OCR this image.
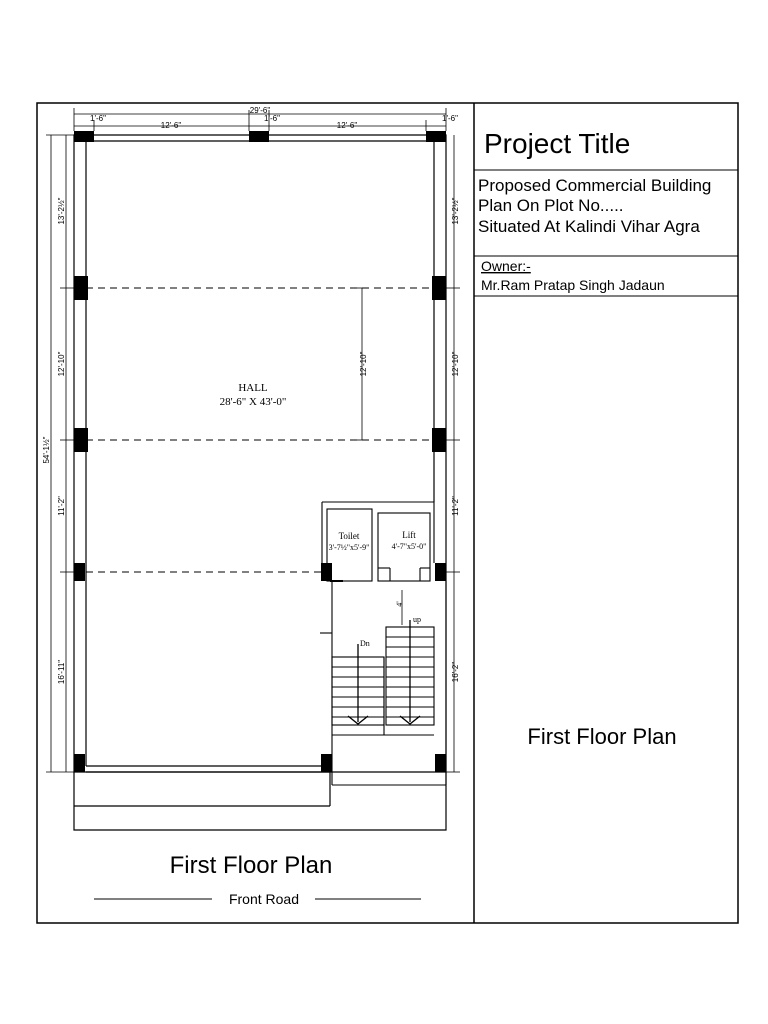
Project Title
Proposed Commercial Building
Plan On Plot No.....
Situated At Kalindi Vihar Agra
Owner:-
Mr.Ram Pratap Singh Jadaun
First Floor Plan
HALL
28'-6" X 43'-0"
Toilet
3'-7½"x5'-9"
Lift
4'-7"x5'-0"
up
Dn
4'
29'-6"
1'-6"
12'-6"
1'-6"
12'-6"
1'-6"
54'-1½"
13'-2½"
12'-10"
11'-2"
16'-11"
13'-2½"
12'-10"
11'-2"
16'-2"
12'-10"
First Floor Plan
Front Road
